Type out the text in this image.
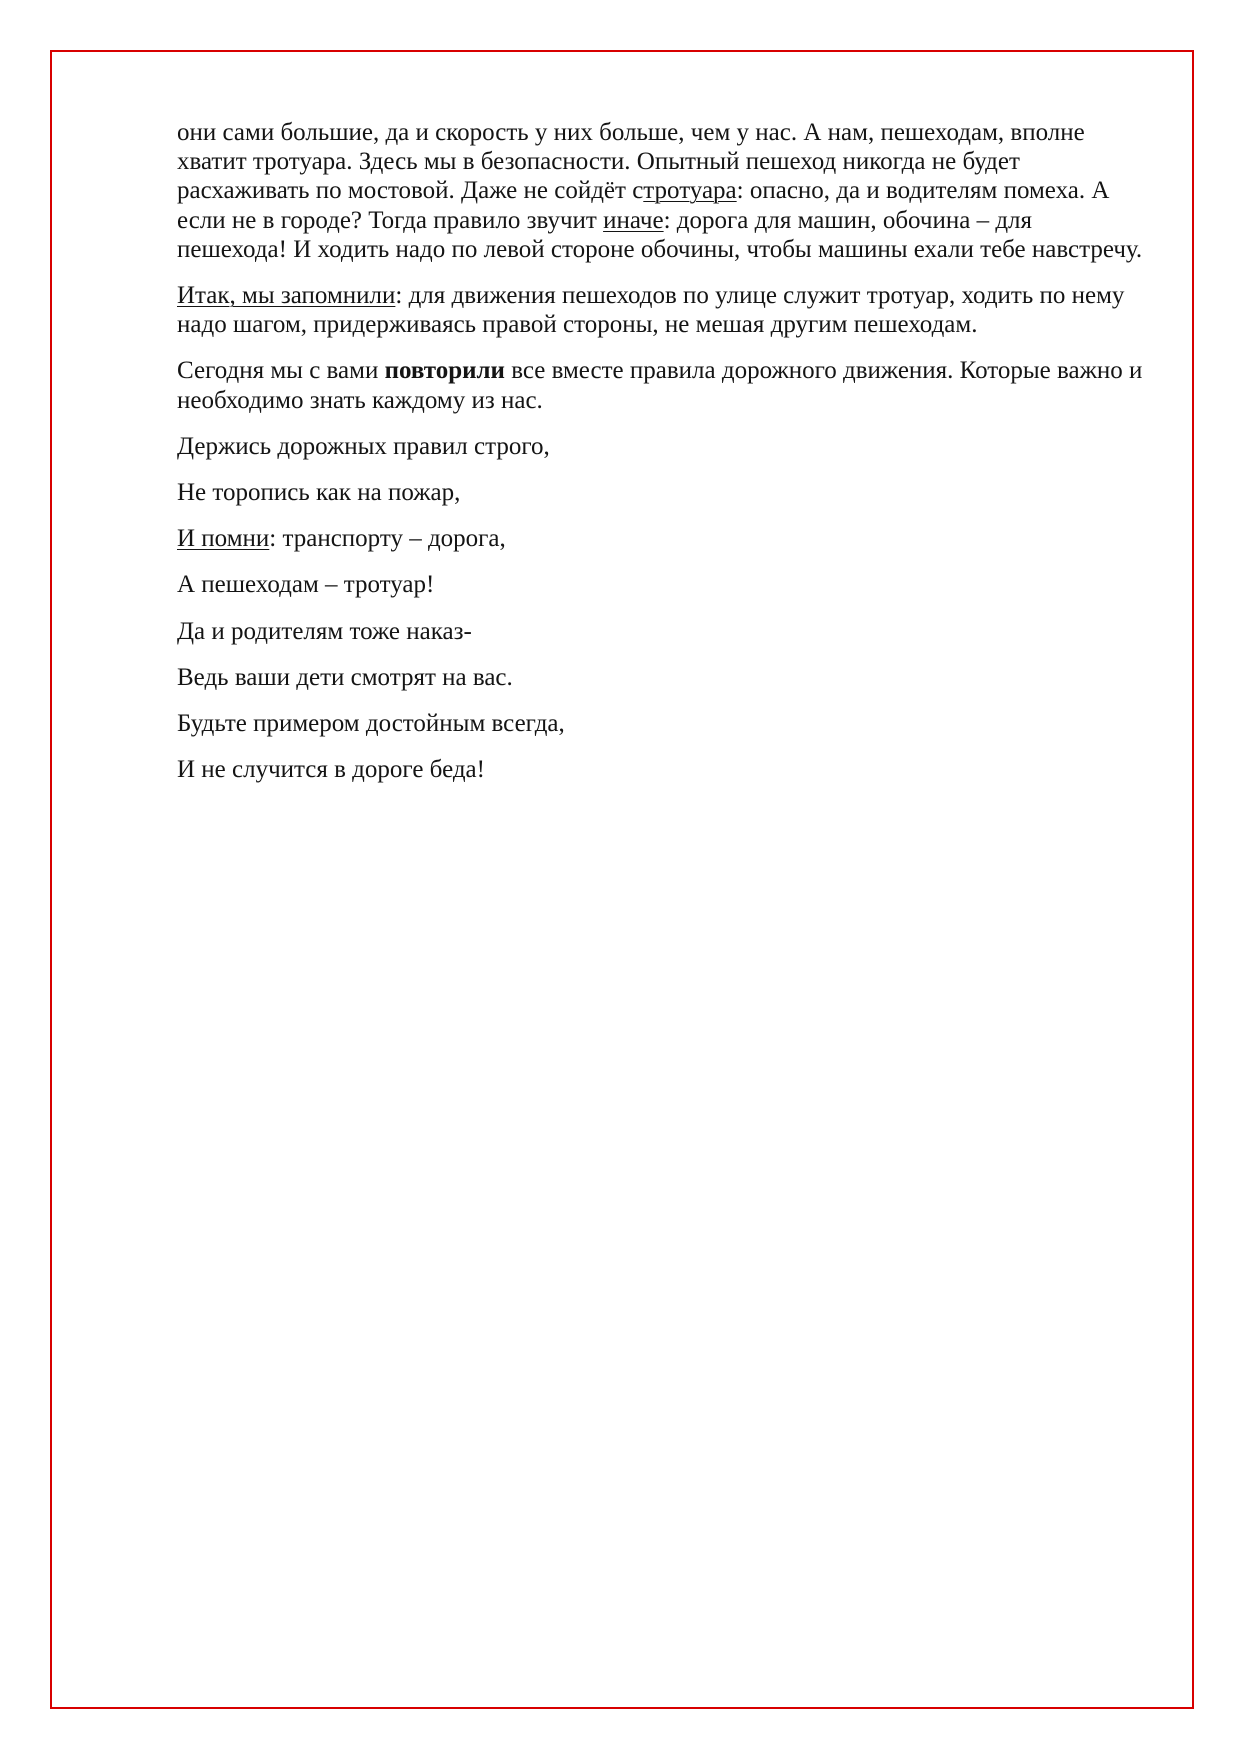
они сами большие, да и скорость у них больше, чем у нас. А нам, пешеходам, вполне
хватит тротуара. Здесь мы в безопасности. Опытный пешеход никогда не будет
расхаживать по мостовой. Даже не сойдёт стротуара: опасно, да и водителям помеха. А
если не в городе? Тогда правило звучит иначе: дорога для машин, обочина – для
пешехода! И ходить надо по левой стороне обочины, чтобы машины ехали тебе навстречу.
Итак, мы запомнили: для движения пешеходов по улице служит тротуар, ходить по нему
надо шагом, придерживаясь правой стороны, не мешая другим пешеходам.
Сегодня мы с вами повторили все вместе правила дорожного движения. Которые важно и
необходимо знать каждому из нас.
Держись дорожных правил строго,
Не торопись как на пожар,
И помни: транспорту – дорога,
А пешеходам – тротуар!
Да и родителям тоже наказ-
Ведь ваши дети смотрят на вас.
Будьте примером достойным всегда,
И не случится в дороге беда!
